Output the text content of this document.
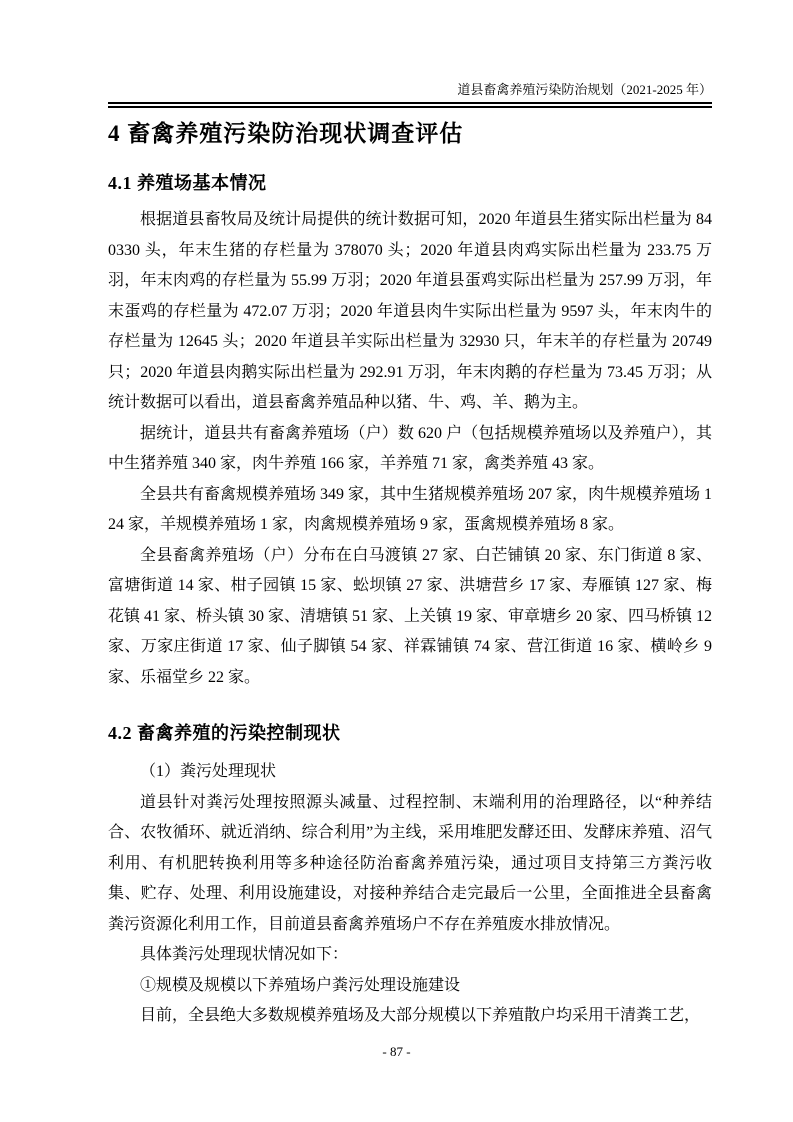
道县畜禽养殖污染防治规划（2021-2025 年）
4 畜禽养殖污染防治现状调查评估
4.1 养殖场基本情况

根据道县畜牧局及统计局提供的统计数据可知，2020 年道县生猪实际出栏量为 840330 头，年末生猪的存栏量为 378070 头；2020 年道县肉鸡实际出栏量为 233.75 万羽，年末肉鸡的存栏量为 55.99 万羽；2020 年道县蛋鸡实际出栏量为 257.99 万羽，年末蛋鸡的存栏量为 472.07 万羽；2020 年道县肉牛实际出栏量为 9597 头，年末肉牛的存栏量为 12645 头；2020 年道县羊实际出栏量为 32930 只，年末羊的存栏量为 20749 只；2020 年道县肉鹅实际出栏量为 292.91 万羽，年末肉鹅的存栏量为 73.45 万羽；从统计数据可以看出，道县畜禽养殖品种以猪、牛、鸡、羊、鹅为主。

据统计，道县共有畜禽养殖场（户）数 620 户（包括规模养殖场以及养殖户），其中生猪养殖 340 家，肉牛养殖 166 家，羊养殖 71 家，禽类养殖 43 家。

全县共有畜禽规模养殖场 349 家，其中生猪规模养殖场 207 家，肉牛规模养殖场 124 家，羊规模养殖场 1 家，肉禽规模养殖场 9 家，蛋禽规模养殖场 8 家。

全县畜禽养殖场（户）分布在白马渡镇 27 家、白芒铺镇 20 家、东门街道 8 家、富塘街道 14 家、柑子园镇 15 家、蚣坝镇 27 家、洪塘营乡 17 家、寿雁镇 127 家、梅花镇 41 家、桥头镇 30 家、清塘镇 51 家、上关镇 19 家、审章塘乡 20 家、四马桥镇 12 家、万家庄街道 17 家、仙子脚镇 54 家、祥霖铺镇 74 家、营江街道 16 家、横岭乡 9 家、乐福堂乡 22 家。

4.2 畜禽养殖的污染控制现状

（1）粪污处理现状

道县针对粪污处理按照源头减量、过程控制、末端利用的治理路径，以“种养结合、农牧循环、就近消纳、综合利用”为主线，采用堆肥发酵还田、发酵床养殖、沼气利用、有机肥转换利用等多种途径防治畜禽养殖污染，通过项目支持第三方粪污收集、贮存、处理、利用设施建设，对接种养结合走完最后一公里，全面推进全县畜禽粪污资源化利用工作，目前道县畜禽养殖场户不存在养殖废水排放情况。

具体粪污处理现状情况如下：

①规模及规模以下养殖场户粪污处理设施建设

目前，全县绝大多数规模养殖场及大部分规模以下养殖散户均采用干清粪工艺，

- 87 -
